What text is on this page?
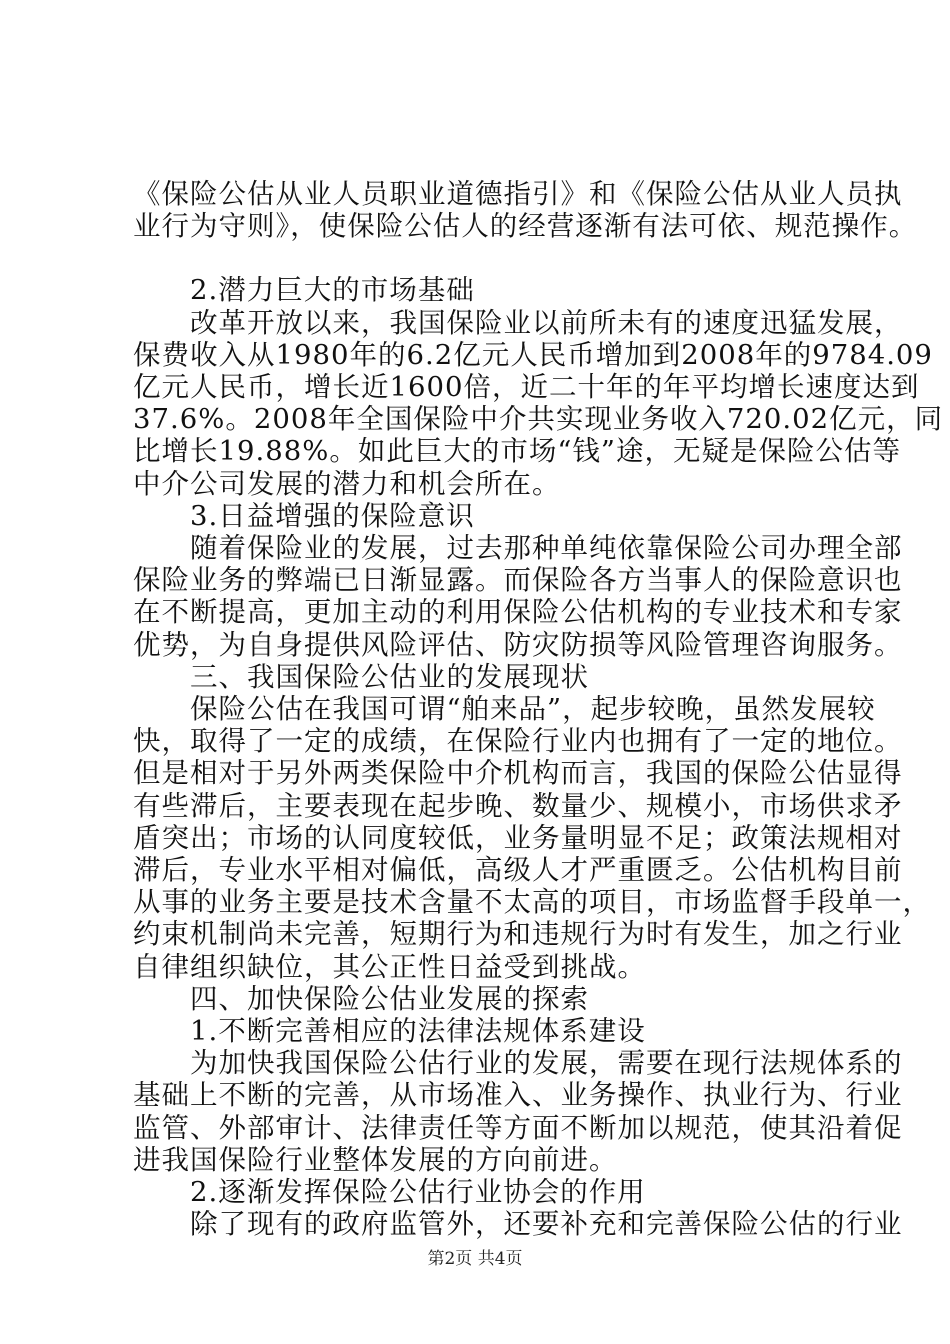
《保险公估从业人员职业道德指引》和《保险公估从业人员执

业行为守则》，使保险公估人的经营逐渐有法可依、规范操作。

　　2.潜力巨大的市场基础

　　改革开放以来，我国保险业以前所未有的速度迅猛发展，

保费收入从1980年的6.2亿元人民币增加到2008年的9784.09

亿元人民币，增长近1600倍，近二十年的年平均增长速度达到

37.6%。2008年全国保险中介共实现业务收入720.02亿元，同

比增长19.88%。如此巨大的市场“钱”途，无疑是保险公估等

中介公司发展的潜力和机会所在。

　　3.日益增强的保险意识

　　随着保险业的发展，过去那种单纯依靠保险公司办理全部

保险业务的弊端已日渐显露。而保险各方当事人的保险意识也

在不断提高，更加主动的利用保险公估机构的专业技术和专家

优势，为自身提供风险评估、防灾防损等风险管理咨询服务。

　　三、我国保险公估业的发展现状

　　保险公估在我国可谓“舶来品”，起步较晚，虽然发展较

快，取得了一定的成绩，在保险行业内也拥有了一定的地位。

但是相对于另外两类保险中介机构而言，我国的保险公估显得

有些滞后，主要表现在起步晚、数量少、规模小，市场供求矛

盾突出；市场的认同度较低，业务量明显不足；政策法规相对

滞后，专业水平相对偏低，高级人才严重匮乏。公估机构目前

从事的业务主要是技术含量不太高的项目，市场监督手段单一，

约束机制尚未完善，短期行为和违规行为时有发生，加之行业

自律组织缺位，其公正性日益受到挑战。

　　四、加快保险公估业发展的探索

　　1.不断完善相应的法律法规体系建设

　　为加快我国保险公估行业的发展，需要在现行法规体系的

基础上不断的完善，从市场准入、业务操作、执业行为、行业

监管、外部审计、法律责任等方面不断加以规范，使其沿着促

进我国保险行业整体发展的方向前进。

　　2.逐渐发挥保险公估行业协会的作用

　　除了现有的政府监管外，还要补充和完善保险公估的行业

第2页 共4页
